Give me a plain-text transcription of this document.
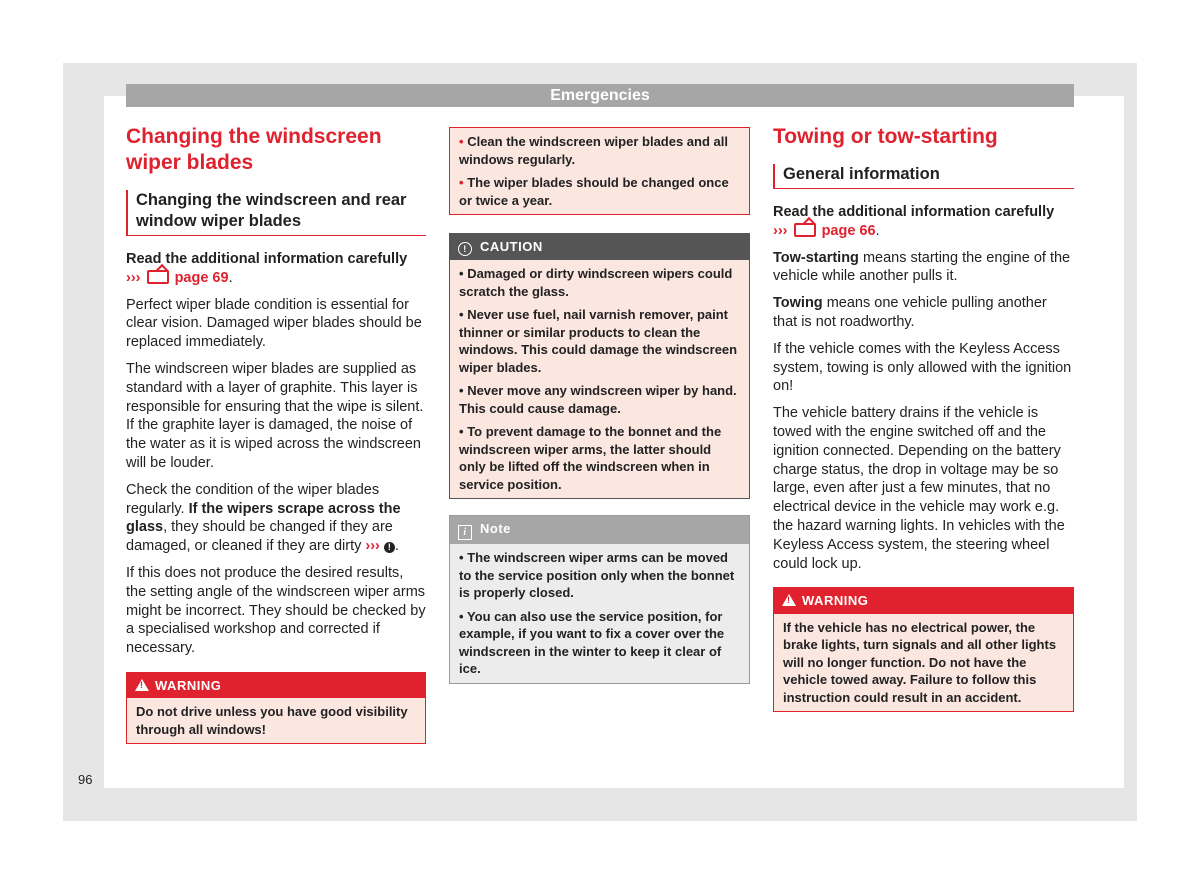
Emergencies
Changing the windscreen wiper blades
Changing the windscreen and rear window wiper blades

Read the additional information carefully
››› page 69.

Perfect wiper blade condition is essential for clear vision. Damaged wiper blades should be replaced immediately.

The windscreen wiper blades are supplied as standard with a layer of graphite. This layer is responsible for ensuring that the wipe is silent. If the graphite layer is damaged, the noise of the water as it is wiped across the windscreen will be louder.

Check the condition of the wiper blades regularly. If the wipers scrape across the glass, they should be changed if they are damaged, or cleaned if they are dirty ››› ! .

If this does not produce the desired results, the setting angle of the windscreen wiper arms might be incorrect. They should be checked by a specialised workshop and corrected if necessary.

!WARNING

Do not drive unless you have good visibility through all windows!

• Clean the windscreen wiper blades and all windows regularly.

• The wiper blades should be changed once or twice a year.

! CAUTION

• Damaged or dirty windscreen wipers could scratch the glass.

• Never use fuel, nail varnish remover, paint thinner or similar products to clean the windows. This could damage the windscreen wiper blades.

• Never move any windscreen wiper by hand. This could cause damage.

• To prevent damage to the bonnet and the windscreen wiper arms, the latter should only be lifted off the windscreen when in service position.

i Note

• The windscreen wiper arms can be moved to the service position only when the bonnet is properly closed.

• You can also use the service position, for example, if you want to fix a cover over the windscreen in the winter to keep it clear of ice.

Towing or tow-starting
General information

Read the additional information carefully
››› page 66.

Tow-starting means starting the engine of the vehicle while another pulls it.

Towing means one vehicle pulling another that is not roadworthy.

If the vehicle comes with the Keyless Access system, towing is only allowed with the ignition on!

The vehicle battery drains if the vehicle is towed with the engine switched off and the ignition connected. Depending on the battery charge status, the drop in voltage may be so large, even after just a few minutes, that no electrical device in the vehicle may work e.g. the hazard warning lights. In vehicles with the Keyless Access system, the steering wheel could lock up.

!WARNING

If the vehicle has no electrical power, the brake lights, turn signals and all other lights will no longer function. Do not have the vehicle towed away. Failure to follow this instruction could result in an accident.

96
